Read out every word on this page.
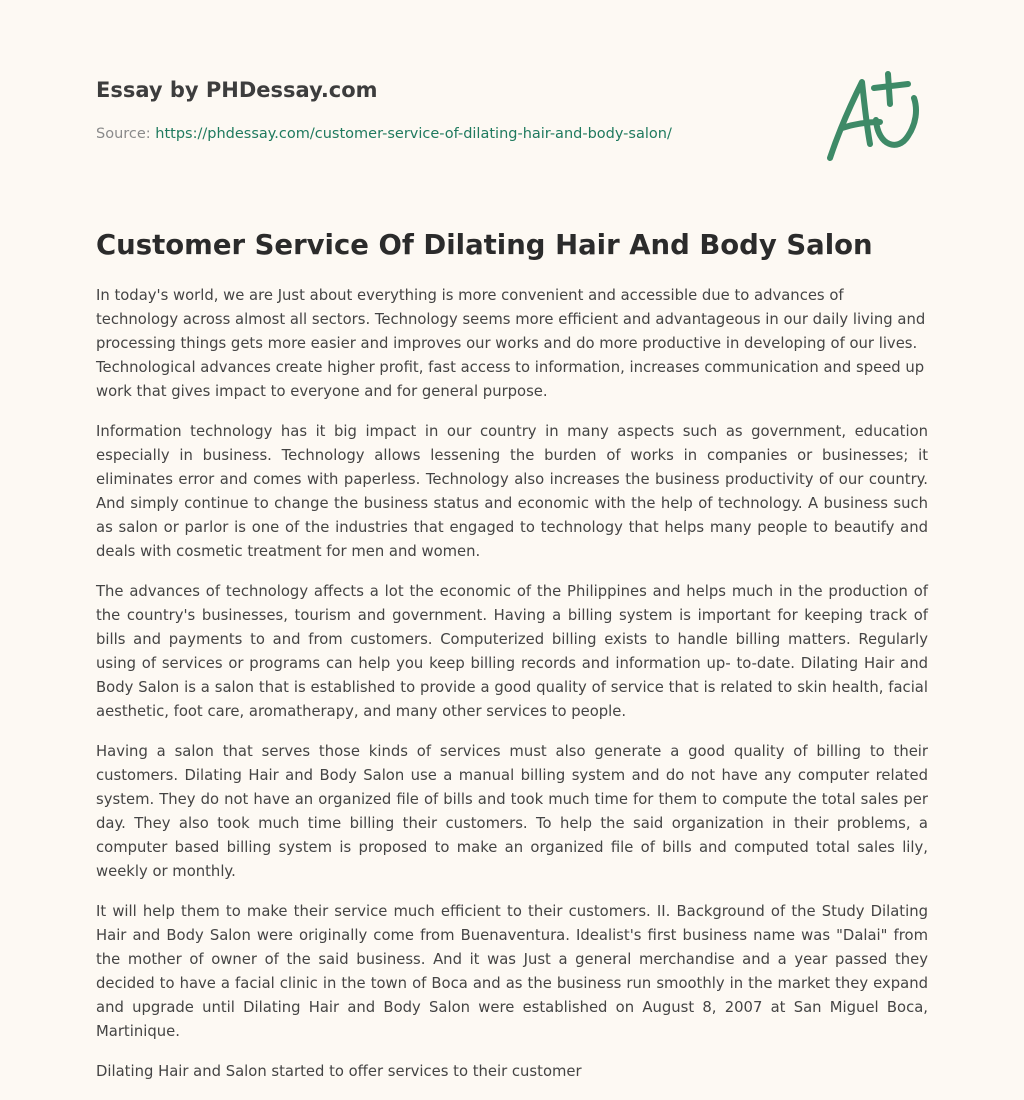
Essay by PHDessay.com
Source: https://phdessay.com/customer-service-of-dilating-hair-and-body-salon/
Customer Service Of Dilating Hair And Body Salon

In today's world, we are Just about everything is more convenient and accessible due to advances of technology across almost all sectors. Technology seems more efficient and advantageous in our daily living and processing things gets more easier and improves our works and do more productive in developing of our lives. Technological advances create higher profit, fast access to information, increases communication and speed up work that gives impact to everyone and for general purpose.

Information technology has it big impact in our country in many aspects such as government, education especially in business. Technology allows lessening the burden of works in companies or businesses; it eliminates error and comes with paperless. Technology also increases the business productivity of our country. And simply continue to change the business status and economic with the help of technology. A business such as salon or parlor is one of the industries that engaged to technology that helps many people to beautify and deals with cosmetic treatment for men and women.

The advances of technology affects a lot the economic of the Philippines and helps much in the production of the country's businesses, tourism and government. Having a billing system is important for keeping track of bills and payments to and from customers. Computerized billing exists to handle billing matters. Regularly using of services or programs can help you keep billing records and information up- to-date. Dilating Hair and Body Salon is a salon that is established to provide a good quality of service that is related to skin health, facial aesthetic, foot care, aromatherapy, and many other services to people.

Having a salon that serves those kinds of services must also generate a good quality of billing to their customers. Dilating Hair and Body Salon use a manual billing system and do not have any computer related system. They do not have an organized file of bills and took much time for them to compute the total sales per day. They also took much time billing their customers. To help the said organization in their problems, a computer based billing system is proposed to make an organized file of bills and computed total sales lily, weekly or monthly.

It will help them to make their service much efficient to their customers. II. Background of the Study Dilating Hair and Body Salon were originally come from Buenaventura. Idealist's first business name was "Dalai" from the mother of owner of the said business. And it was Just a general merchandise and a year passed they decided to have a facial clinic in the town of Boca and as the business run smoothly in the market they expand and upgrade until Dilating Hair and Body Salon were established on August 8, 2007 at San Miguel Boca, Martinique.

Dilating Hair and Salon started to offer services to their customer
